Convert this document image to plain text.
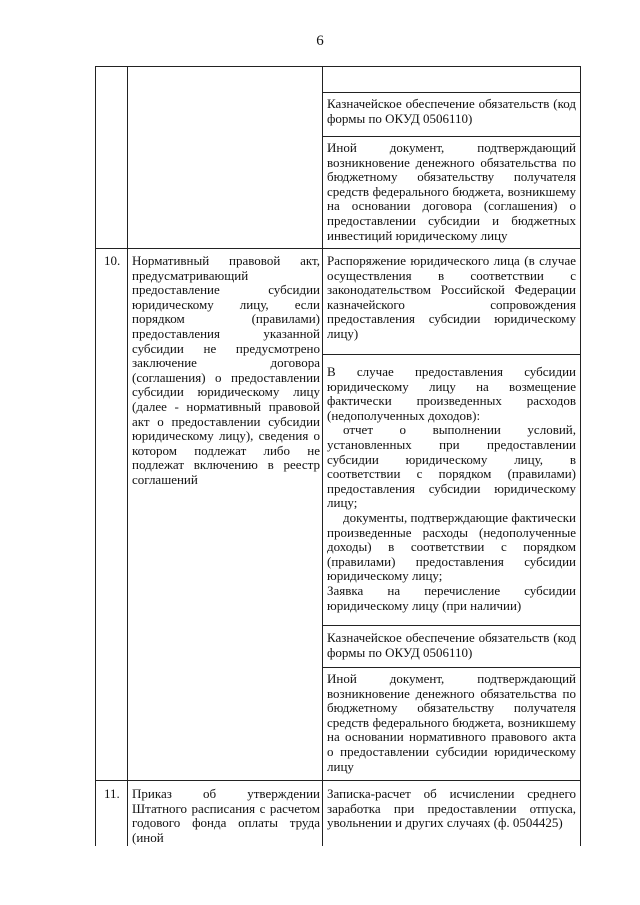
6

Казначейское обеспечение обязательств (код формы по ОКУД 0506110)

Иной документ, подтверждающий возникновение денежного обязательства по бюджетному обязательству получателя средств федерального бюджета, возникшему на основании договора (соглашения) о предоставлении субсидии и бюджетных инвестиций юридическому лицу

10. Нормативный правовой акт, предусматривающий предоставление субсидии юридическому лицу, если порядком (правилами) предоставления указанной субсидии не предусмотрено заключение договора (соглашения) о предоставлении субсидии юридическому лицу (далее - нормативный правовой акт о предоставлении субсидии юридическому лицу), сведения о котором подлежат либо не подлежат включению в реестр соглашений

Распоряжение юридического лица (в случае осуществления в соответствии с законодательством Российской Федерации казначейского сопровождения предоставления субсидии юридическому лицу)

В случае предоставления субсидии юридическому лицу на возмещение фактически произведенных расходов (недополученных доходов):

отчет о выполнении условий, установленных при предоставлении субсидии юридическому лицу, в соответствии с порядком (правилами) предоставления субсидии юридическому лицу;

документы, подтверждающие фактически произведенные расходы (недополученные доходы) в соответствии с порядком (правилами) предоставления субсидии юридическому лицу;

Заявка на перечисление субсидии юридическому лицу (при наличии)

Казначейское обеспечение обязательств (код формы по ОКУД 0506110)

Иной документ, подтверждающий возникновение денежного обязательства по бюджетному обязательству получателя средств федерального бюджета, возникшему на основании нормативного правового акта о предоставлении субсидии юридическому лицу

11. Приказ об утверждении Штатного расписания с расчетом годового фонда оплаты труда (иной

Записка-расчет об исчислении среднего заработка при предоставлении отпуска, увольнении и других случаях (ф. 0504425)
